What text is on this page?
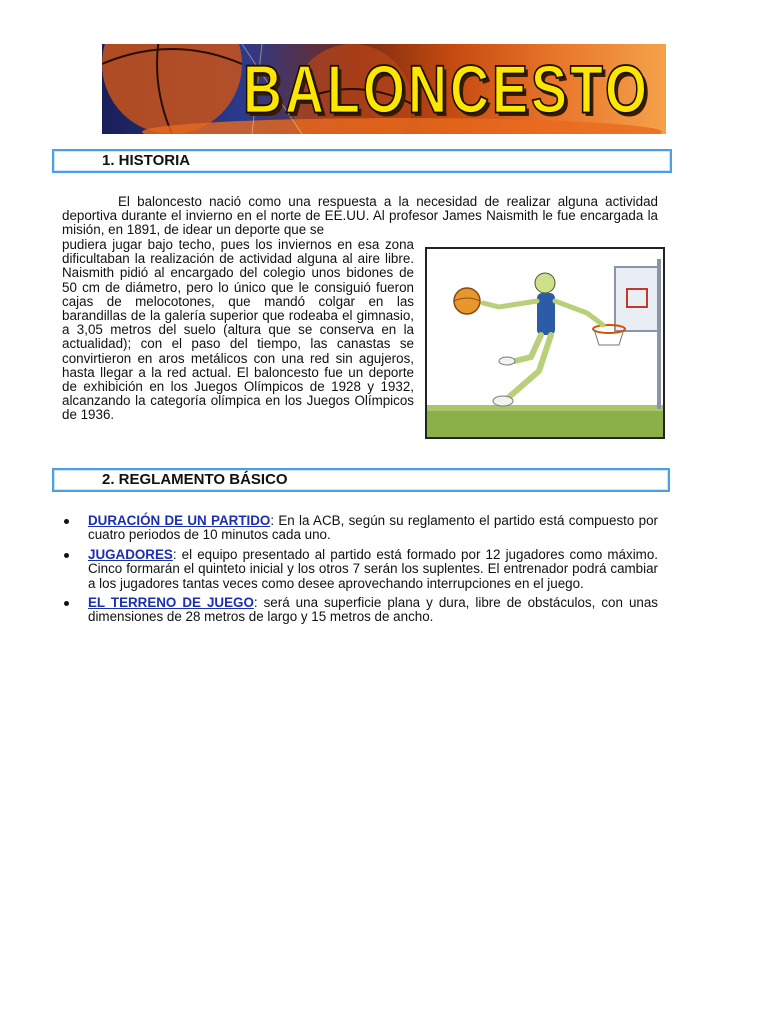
BALONCESTO
1. HISTORIA

El baloncesto nació como una respuesta a la necesidad de realizar alguna actividad deportiva durante el invierno en el norte de EE.UU. Al profesor James Naismith le fue encargada la misión, en 1891, de idear un deporte que se

pudiera jugar bajo techo, pues los inviernos en esa zona dificultaban la realización de actividad alguna al aire libre. Naismith pidió al encargado del colegio unos bidones de 50 cm de diámetro, pero lo único que le consiguió fueron cajas de melocotones, que mandó colgar en las barandillas de la galería superior que rodeaba el gimnasio, a 3,05 metros del suelo (altura que se conserva en la actualidad); con el paso del tiempo, las canastas se convirtieron en aros metálicos con una red sin agujeros, hasta llegar a la red actual. El baloncesto fue un deporte de exhibición en los Juegos Olímpicos de 1928 y 1932, alcanzando la categoría olímpica en los Juegos Olímpicos de 1936.

2. REGLAMENTO BÁSICO
DURACIÓN DE UN PARTIDO: En la ACB, según su reglamento el partido está compuesto por cuatro periodos de 10 minutos cada uno.
JUGADORES: el equipo presentado al partido está formado por 12 jugadores como máximo. Cinco formarán el quinteto inicial y los otros 7 serán los suplentes. El entrenador podrá cambiar a los jugadores tantas veces como desee aprovechando interrupciones en el juego.
EL TERRENO DE JUEGO: será una superficie plana y dura, libre de obstáculos, con unas dimensiones de 28 metros de largo y 15 metros de ancho.
